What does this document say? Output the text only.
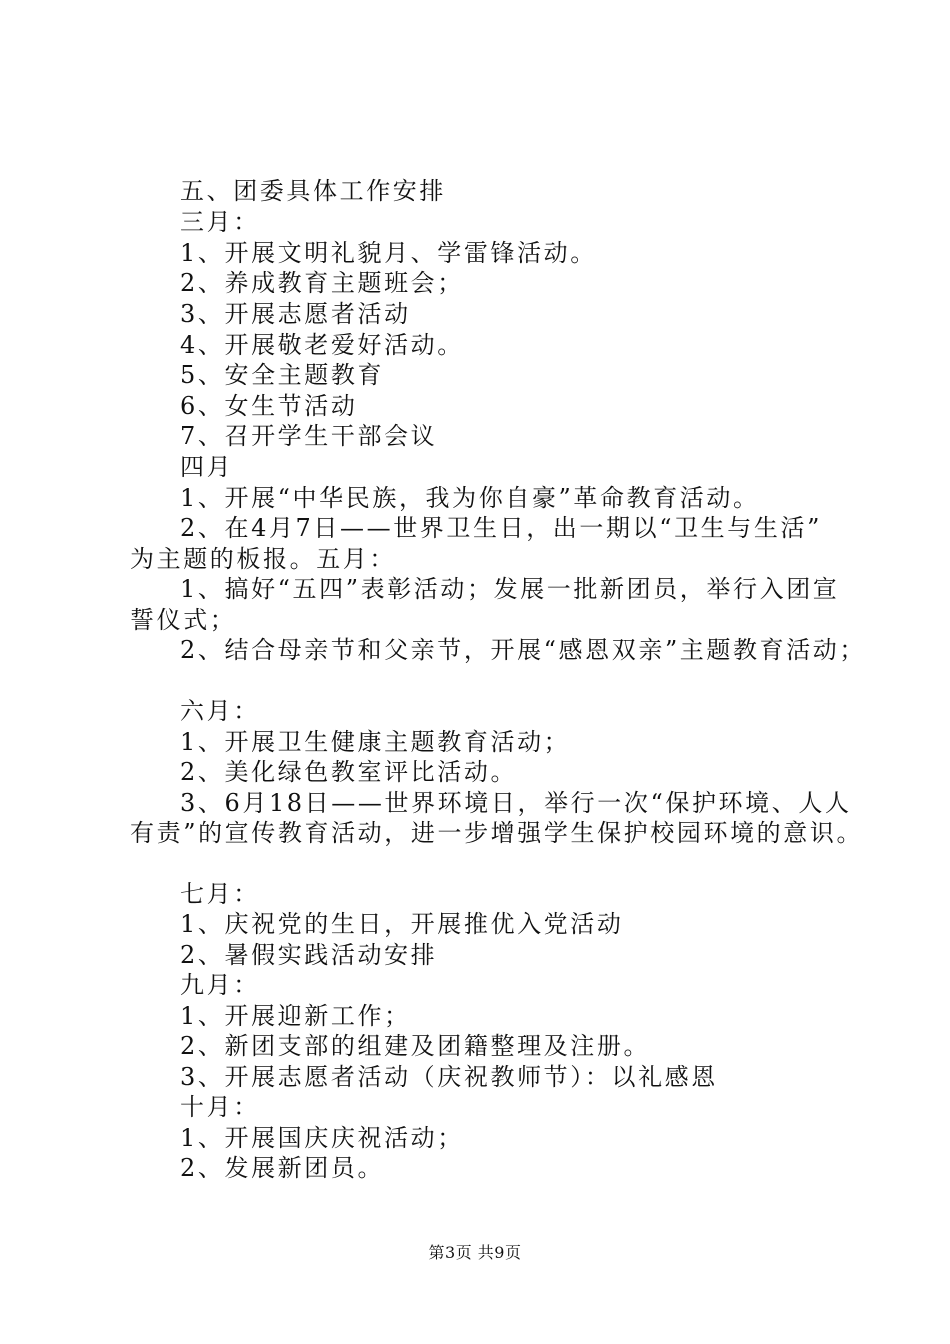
五、团委具体工作安排
三月：
1、开展文明礼貌月、学雷锋活动。
2、养成教育主题班会；
3、开展志愿者活动
4、开展敬老爱好活动。
5、安全主题教育
6、女生节活动
7、召开学生干部会议
四月
1、开展“中华民族，我为你自豪”革命教育活动。
2、在4月7日——世界卫生日，出一期以“卫生与生活”
为主题的板报。五月：
1、搞好“五四”表彰活动；发展一批新团员，举行入团宣
誓仪式；
2、结合母亲节和父亲节，开展“感恩双亲”主题教育活动；
六月：
1、开展卫生健康主题教育活动；
2、美化绿色教室评比活动。
3、6月18日——世界环境日，举行一次“保护环境、人人
有责”的宣传教育活动，进一步增强学生保护校园环境的意识。
七月：
1、庆祝党的生日，开展推优入党活动
2、暑假实践活动安排
九月：
1、开展迎新工作；
2、新团支部的组建及团籍整理及注册。
3、开展志愿者活动（庆祝教师节）：以礼感恩
十月：
1、开展国庆庆祝活动；
2、发展新团员。
第3页 共9页
